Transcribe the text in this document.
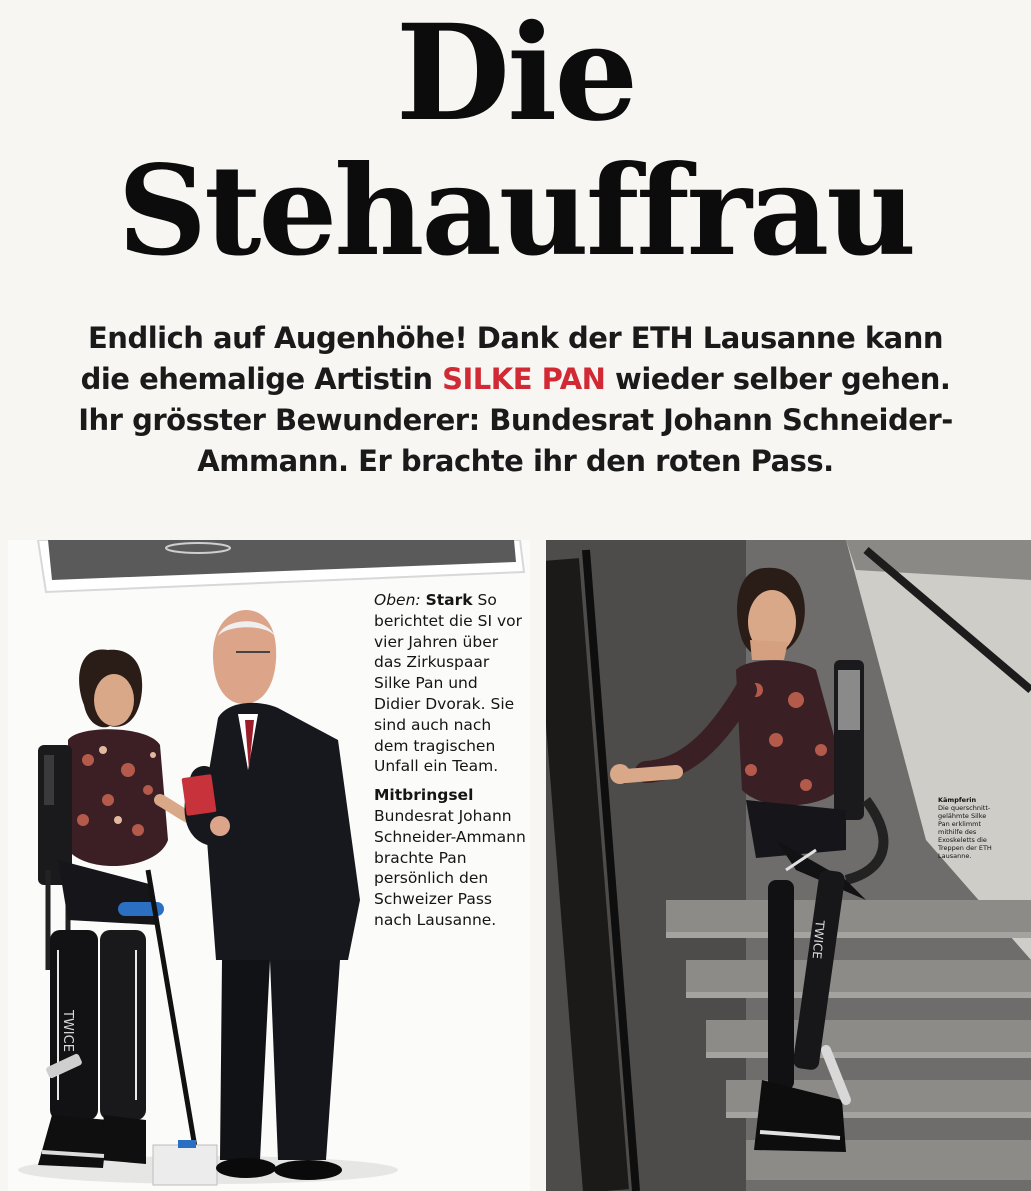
Die
Stehauffrau

Endlich auf Augenhöhe! Dank der ETH Lausanne kann die ehemalige Artistin SILKE PAN wieder selber gehen. Ihr grösster Bewunderer: Bundesrat Johann Schneider-Ammann. Er brachte ihr den roten Pass.

TWICE

Oben: Stark So berichtet die SI vor vier Jahren über das Zirkuspaar Silke Pan und Didier Dvorak. Sie sind auch nach dem tragischen Unfall ein Team.

Mitbringsel Bundesrat Johann Schneider-Ammann brachte Pan persönlich den Schweizer Pass nach Lausanne.	TWICE
Kämpferin
Die querschnitt-gelähmte Silke Pan erklimmt mithilfe des Exoskeletts die Treppen der ETH Lausanne.
